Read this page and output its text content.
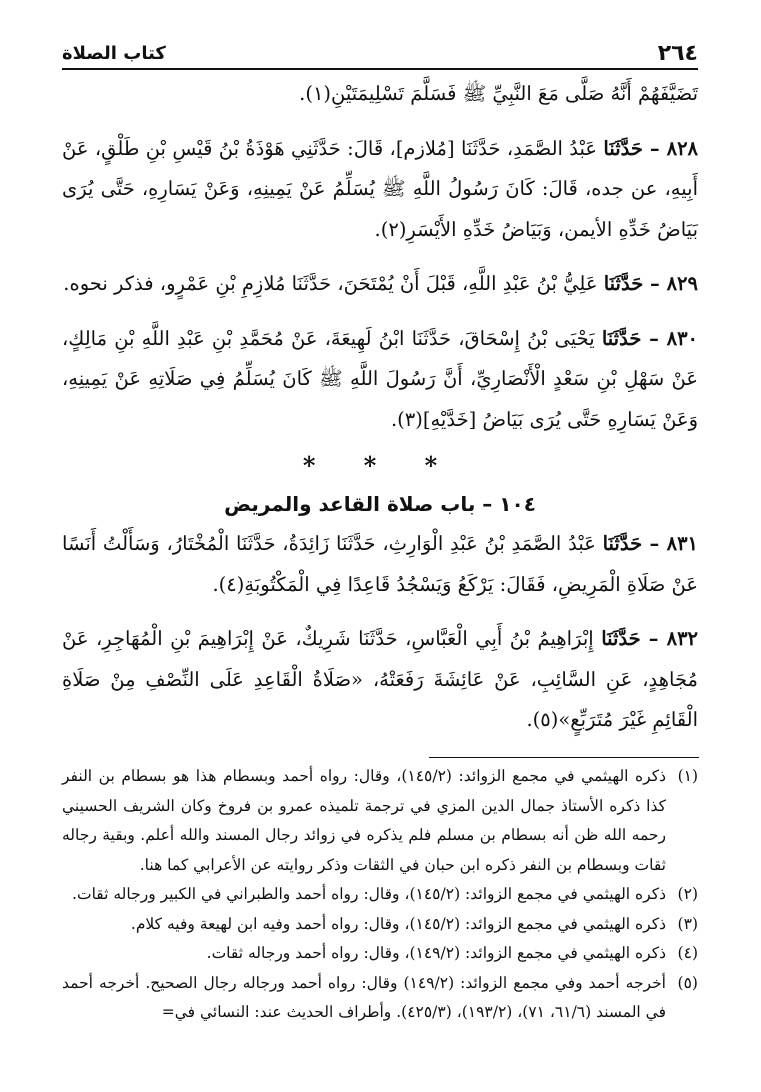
٢٦٤
كتاب الصلاة

تَضَيَّفَهُمْ أَنَّهُ صَلَّى مَعَ النَّبِيِّ ﷺ فَسَلَّمَ تَسْلِيمَتَيْنِ(١).

٨٢٨ – حَدَّثَنَا عَبْدُ الصَّمَدِ، حَدَّثَنَا [مُلازم]، قَالَ: حَدَّثَنِي هَوْذَةُ بْنُ قَيْسِ بْنِ طَلْقٍ، عَنْ أَبِيهِ، عن جده، قَالَ: كَانَ رَسُولُ اللَّهِ ﷺ يُسَلِّمُ عَنْ يَمِينِهِ، وَعَنْ يَسَارِهِ، حَتَّى يُرَى بَيَاضُ خَدِّهِ الأيمن، وَبَيَاضُ خَدِّهِ الأَيْسَرِ(٢).

٨٢٩ – حَدَّثَنَا عَلِيُّ بْنُ عَبْدِ اللَّهِ، قَبْلَ أَنْ يُمْتَحَنَ، حَدَّثَنَا مُلازِمِ بْنِ عَمْرٍو، فذكر نحوه.

٨٣٠ – حَدَّثَنَا يَحْيَى بْنُ إِسْحَاقَ، حَدَّثَنَا ابْنُ لَهِيعَةَ، عَنْ مُحَمَّدِ بْنِ عَبْدِ اللَّهِ بْنِ مَالِكٍ، عَنْ سَهْلِ بْنِ سَعْدٍ الْأَنْصَارِيِّ، أَنَّ رَسُولَ اللَّهِ ﷺ كَانَ يُسَلِّمُ فِي صَلَاتِهِ عَنْ يَمِينِهِ، وَعَنْ يَسَارِهِ حَتَّى يُرَى بَيَاضُ [خَدَّيْهِ](٣).

* * *

١٠٤ – باب صلاة القاعد والمريض

٨٣١ – حَدَّثَنَا عَبْدُ الصَّمَدِ بْنُ عَبْدِ الْوَارِثِ، حَدَّثَنَا زَائِدَةُ، حَدَّثَنَا الْمُخْتَارُ، وَسَأَلْتُ أَنَسًا عَنْ صَلَاةِ الْمَرِيضِ، فَقَالَ: يَرْكَعُ وَيَسْجُدُ قَاعِدًا فِي الْمَكْتُوبَةِ(٤).

٨٣٢ – حَدَّثَنَا إِبْرَاهِيمُ بْنُ أَبِي الْعَبَّاسِ، حَدَّثَنَا شَرِيكٌ، عَنْ إِبْرَاهِيمَ بْنِ الْمُهَاجِرِ، عَنْ مُجَاهِدٍ، عَنِ السَّائِبِ، عَنْ عَائِشَةَ رَفَعَتْهُ، «صَلَاةُ الْقَاعِدِ عَلَى النِّصْفِ مِنْ صَلَاةِ الْقَائِمِ غَيْرَ مُتَرَبِّعٍ»(٥).

(١)ذكره الهيثمي في مجمع الزوائد: (١٤٥/٢)، وقال: رواه أحمد وبسطام هذا هو بسطام بن النفر كذا ذكره الأستاذ جمال الدين المزي في ترجمة تلميذه عمرو بن فروخ وكان الشريف الحسيني رحمه الله ظن أنه بسطام بن مسلم فلم يذكره في زوائد رجال المسند والله أعلم. وبقية رجاله ثقات وبسطام بن النفر ذكره ابن حبان في الثقات وذكر روايته عن الأعرابي كما هنا.

(٢)ذكره الهيثمي في مجمع الزوائد: (١٤٥/٢)، وقال: رواه أحمد والطبراني في الكبير ورجاله ثقات.

(٣)ذكره الهيثمي في مجمع الزوائد: (١٤٥/٢)، وقال: رواه أحمد وفيه ابن لهيعة وفيه كلام.

(٤)ذكره الهيثمي في مجمع الزوائد: (١٤٩/٢)، وقال: رواه أحمد ورجاله ثقات.

(٥)أخرجه أحمد وفي مجمع الزوائد: (١٤٩/٢) وقال: رواه أحمد ورجاله رجال الصحيح. أخرجه أحمد في المسند (٦١/٦، ٧١)، (١٩٣/٢)، (٤٢٥/٣). وأطراف الحديث عند: النسائي في=
